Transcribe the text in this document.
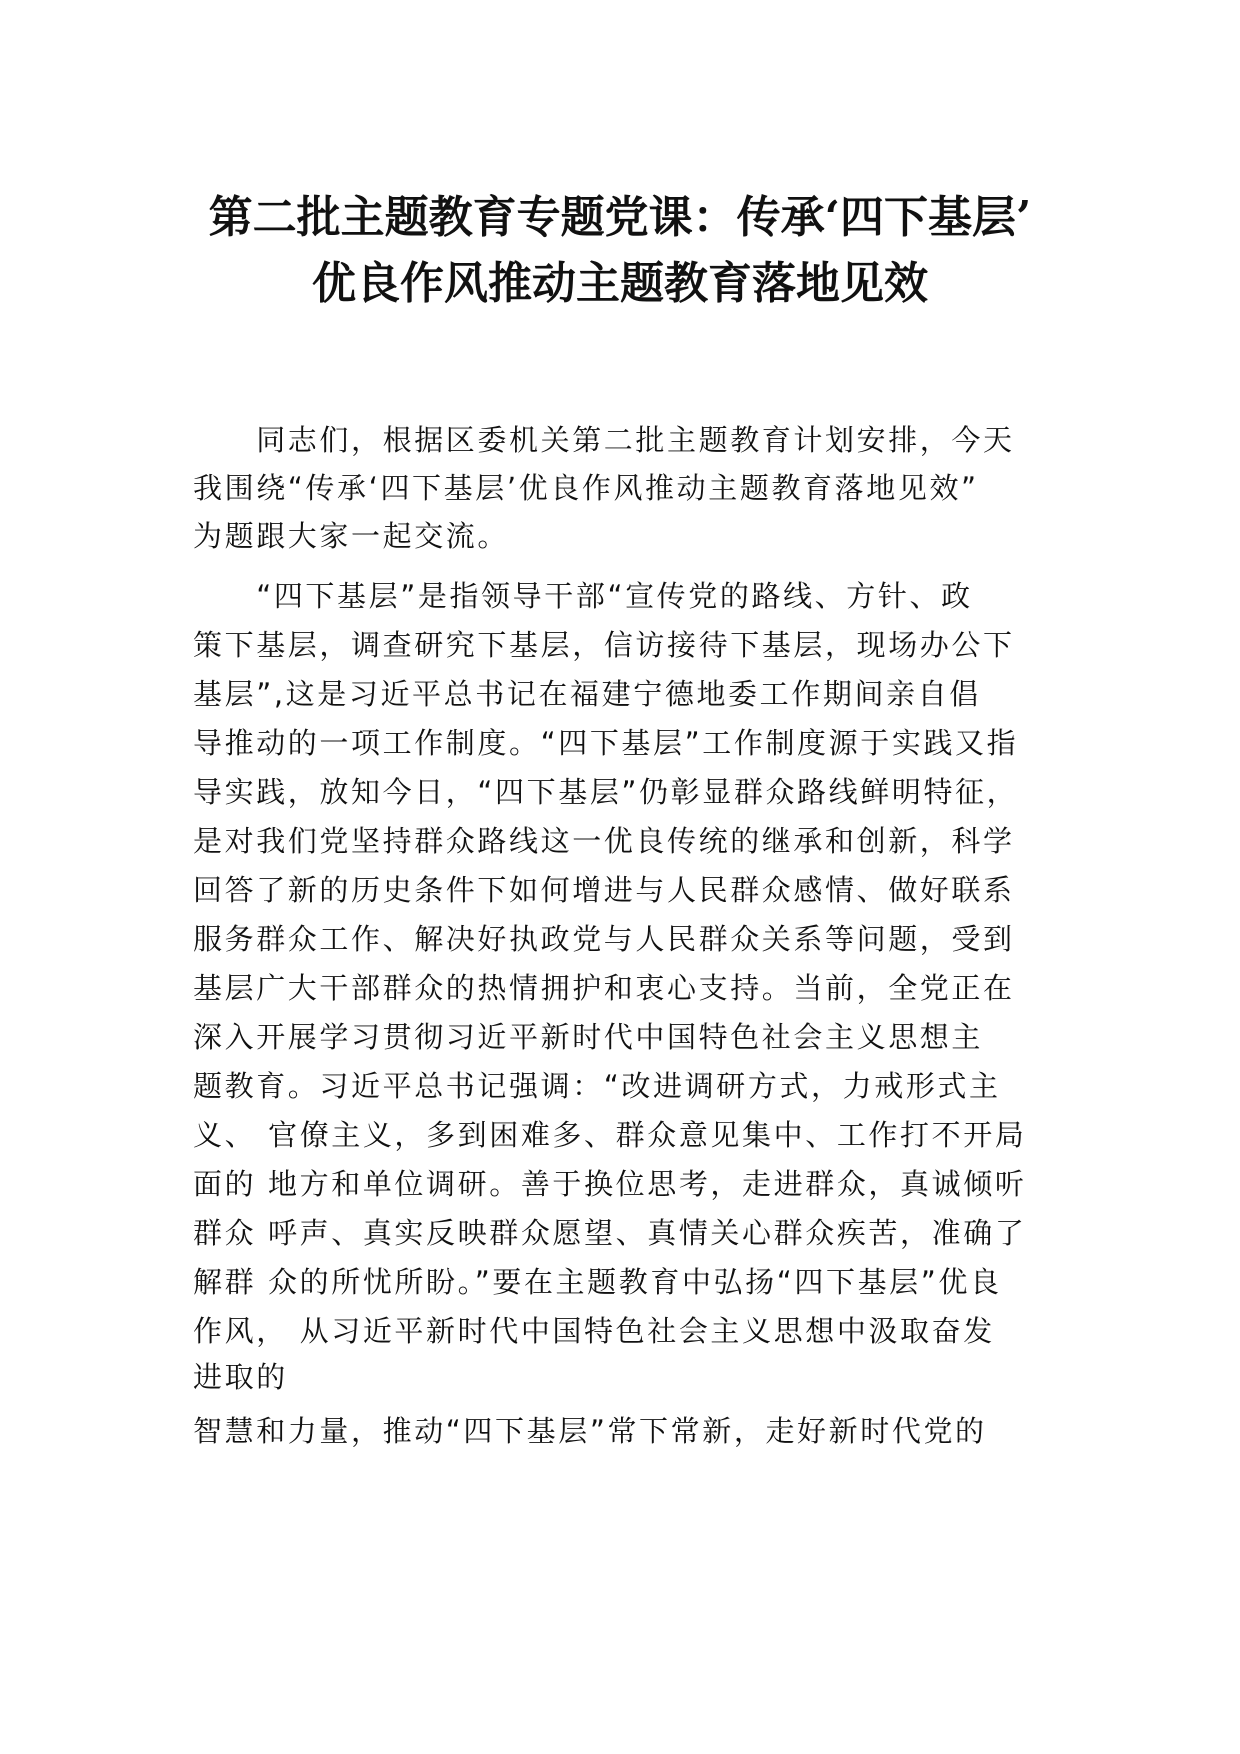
第二批主题教育专题党课：传承‘四下基层’
优良作风推动主题教育落地见效
　　同志们，根据区委机关第二批主题教育计划安排，今天
我围绕“传承‘四下基层’优良作风推动主题教育落地见效”
为题跟大家一起交流。
　　“四下基层”是指领导干部“宣传党的路线、方针、政
策下基层，调查研究下基层，信访接待下基层，现场办公下
基层”,这是习近平总书记在福建宁德地委工作期间亲自倡
导推动的一项工作制度。“四下基层”工作制度源于实践又指
导实践，放知今日，“四下基层”仍彰显群众路线鲜明特征，
是对我们党坚持群众路线这一优良传统的继承和创新，科学
回答了新的历史条件下如何增进与人民群众感情、做好联系
服务群众工作、解决好执政党与人民群众关系等问题，受到
基层广大干部群众的热情拥护和衷心支持。当前，全党正在
深入开展学习贯彻习近平新时代中国特色社会主义思想主
题教育。习近平总书记强调：“改进调研方式，力戒形式主
义、 官僚主义，多到困难多、群众意见集中、工作打不开局
面的 地方和单位调研。善于换位思考，走进群众，真诚倾听
群众 呼声、真实反映群众愿望、真情关心群众疾苦，准确了
解群 众的所忧所盼。”要在主题教育中弘扬“四下基层”优良
作风， 从习近平新时代中国特色社会主义思想中汲取奋发
进取的
智慧和力量，推动“四下基层”常下常新，走好新时代党的
